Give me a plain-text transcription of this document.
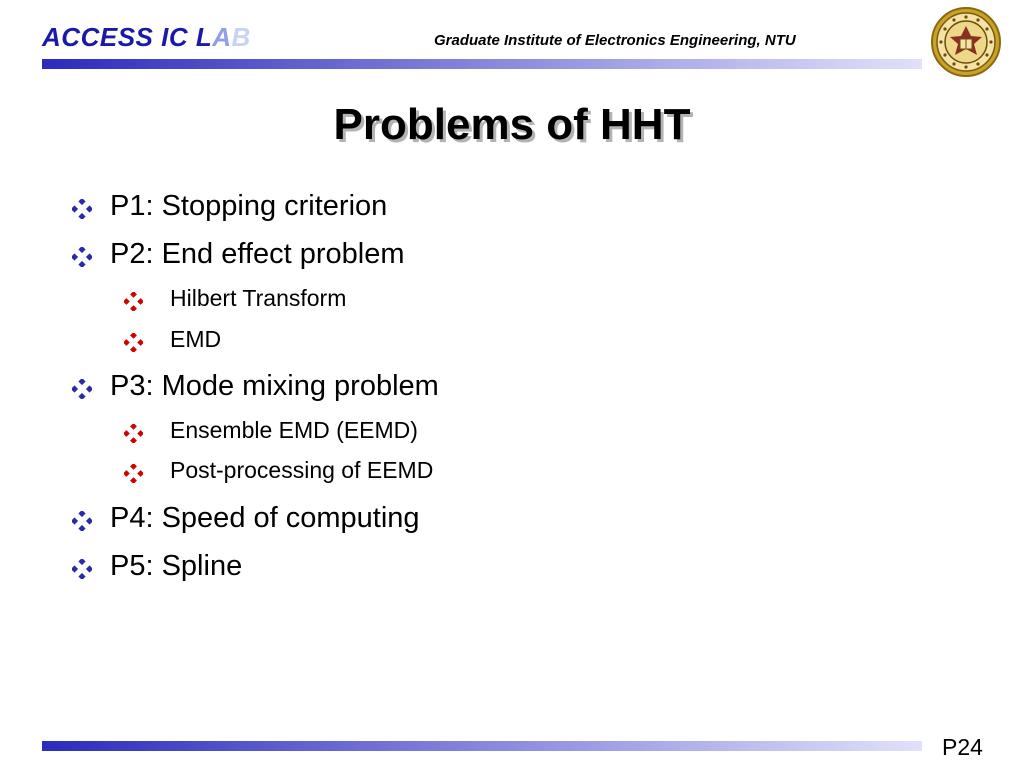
ACCESS IC LAB	Graduate Institute of Electronics Engineering, NTU
Problems of HHT
P1: Stopping criterion
P2: End effect problem
Hilbert Transform
EMD
P3: Mode mixing problem
Ensemble EMD (EEMD)
Post-processing of EEMD
P4: Speed of computing
P5: Spline
P24
